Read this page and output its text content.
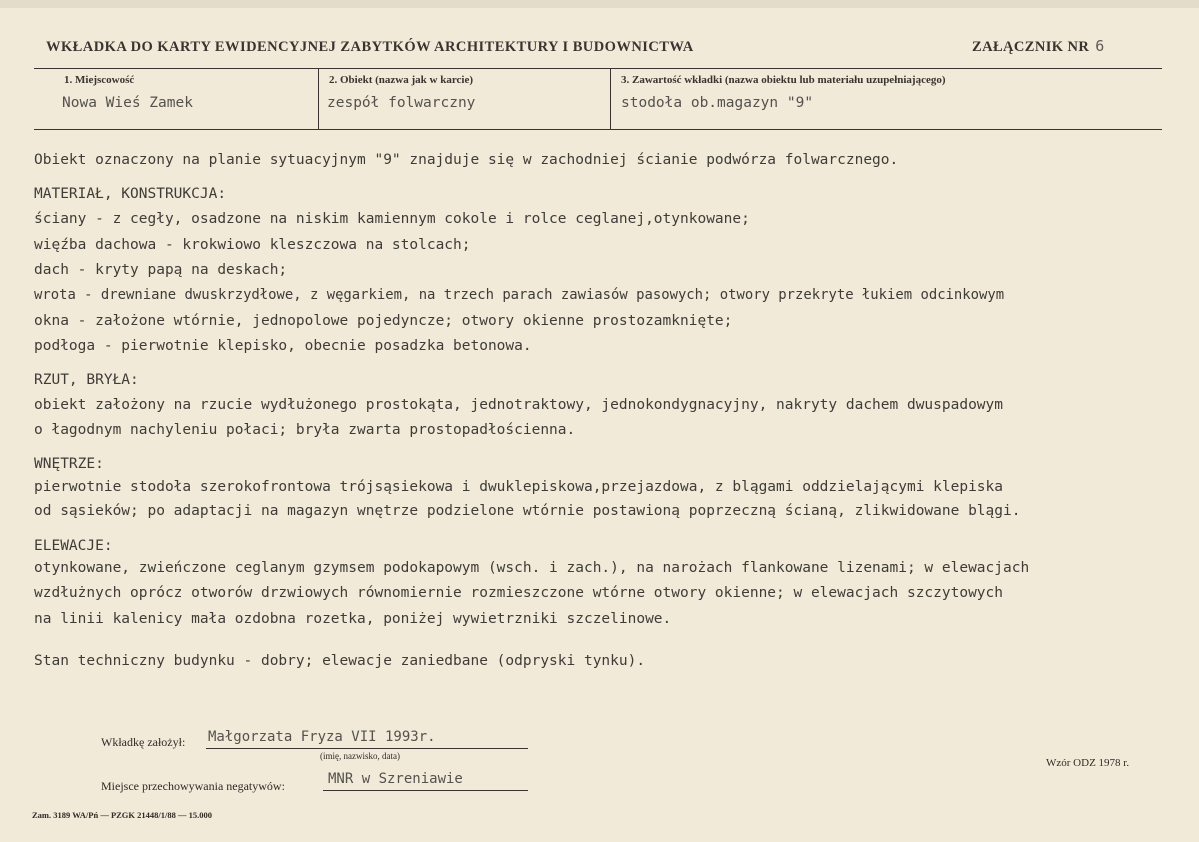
WKŁADKA DO KARTY EWIDENCYJNEJ ZABYTKÓW ARCHITEKTURY I BUDOWNICTWA	ZAŁĄCZNIK NR 6
1. Miejscowość
Nowa Wieś Zamek
2. Obiekt (nazwa jak w karcie)
zespół folwarczny
3. Zawartość wkładki (nazwa obiektu lub materiału uzupełniającego)
stodoła ob.magazyn "9"
Obiekt oznaczony na planie sytuacyjnym "9" znajduje się w zachodniej ścianie podwórza folwarcznego.
MATERIAŁ, KONSTRUKCJA:
ściany - z cegły, osadzone na niskim kamiennym cokole i rolce ceglanej,otynkowane;
więźba dachowa - krokwiowo kleszczowa na stolcach;
dach - kryty papą na deskach;
wrota - drewniane dwuskrzydłowe, z węgarkiem, na trzech parach zawiasów pasowych; otwory przekryte łukiem odcinkowym
okna - założone wtórnie, jednopolowe pojedyncze; otwory okienne prostozamknięte;
podłoga - pierwotnie klepisko, obecnie posadzka betonowa.
RZUT, BRYŁA:
obiekt założony na rzucie wydłużonego prostokąta, jednotraktowy, jednokondygnacyjny, nakryty dachem dwuspadowym
o łagodnym nachyleniu połaci; bryła zwarta prostopadłościenna.
WNĘTRZE:
pierwotnie stodoła szerokofrontowa trójsąsiekowa i dwuklepiskowa,przejazdowa, z blągami oddzielającymi klepiska
od sąsieków; po adaptacji na magazyn wnętrze podzielone wtórnie postawioną poprzeczną ścianą, zlikwidowane blągi.
ELEWACJE:
otynkowane, zwieńczone ceglanym gzymsem podokapowym (wsch. i zach.), na narożach flankowane lizenami; w elewacjach
wzdłużnych oprócz otworów drzwiowych równomiernie rozmieszczone wtórne otwory okienne; w elewacjach szczytowych
na linii kalenicy mała ozdobna rozetka, poniżej wywietrzniki szczelinowe.
Stan techniczny budynku - dobry; elewacje zaniedbane (odpryski tynku).
Wkładkę założył: Małgorzata Fryza VII 1993r.
(imię, nazwisko, data)
Wzór ODZ 1978 r.
Miejsce przechowywania negatywów:	MNR w Szreniawie
Zam. 3189 WA/Pń — PZGK 21448/1/88 — 15.000
